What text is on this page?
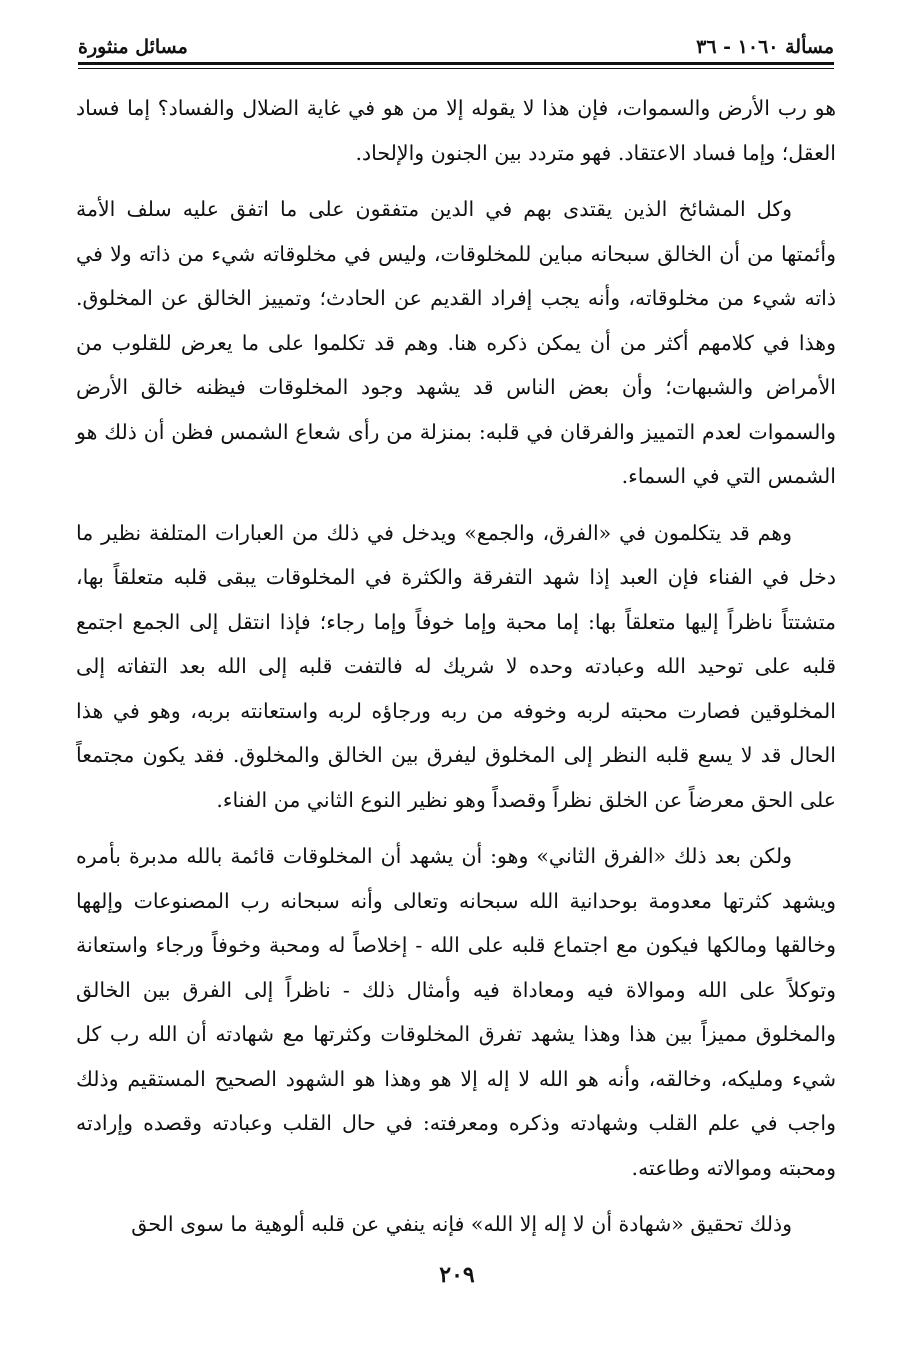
مسألة ١٠٦٠ - ٣٦
مسائل منثورة

هو رب الأرض والسموات، فإن هذا لا يقوله إلا من هو في غاية الضلال والفساد؟ إما فساد العقل؛ وإما فساد الاعتقاد. فهو متردد بين الجنون والإلحاد.

وكل المشائخ الذين يقتدى بهم في الدين متفقون على ما اتفق عليه سلف الأمة وأئمتها من أن الخالق سبحانه مباين للمخلوقات، وليس في مخلوقاته شيء من ذاته ولا في ذاته شيء من مخلوقاته، وأنه يجب إفراد القديم عن الحادث؛ وتمييز الخالق عن المخلوق. وهذا في كلامهم أكثر من أن يمكن ذكره هنا. وهم قد تكلموا على ما يعرض للقلوب من الأمراض والشبهات؛ وأن بعض الناس قد يشهد وجود المخلوقات فيظنه خالق الأرض والسموات لعدم التمييز والفرقان في قلبه: بمنزلة من رأى شعاع الشمس فظن أن ذلك هو الشمس التي في السماء.

وهم قد يتكلمون في «الفرق، والجمع» ويدخل في ذلك من العبارات المتلفة نظير ما دخل في الفناء فإن العبد إذا شهد التفرقة والكثرة في المخلوقات يبقى قلبه متعلقاً بها، متشتتاً ناظراً إليها متعلقاً بها: إما محبة وإما خوفاً وإما رجاء؛ فإذا انتقل إلى الجمع اجتمع قلبه على توحيد الله وعبادته وحده لا شريك له فالتفت قلبه إلى الله بعد التفاته إلى المخلوقين فصارت محبته لربه وخوفه من ربه ورجاؤه لربه واستعانته بربه، وهو في هذا الحال قد لا يسع قلبه النظر إلى المخلوق ليفرق بين الخالق والمخلوق. فقد يكون مجتمعاً على الحق معرضاً عن الخلق نظراً وقصداً وهو نظير النوع الثاني من الفناء.

ولكن بعد ذلك «الفرق الثاني» وهو: أن يشهد أن المخلوقات قائمة بالله مدبرة بأمره ويشهد كثرتها معدومة بوحدانية الله سبحانه وتعالى وأنه سبحانه رب المصنوعات وإلهها وخالقها ومالكها فيكون مع اجتماع قلبه على الله - إخلاصاً له ومحبة وخوفاً ورجاء واستعانة وتوكلاً على الله وموالاة فيه ومعاداة فيه وأمثال ذلك - ناظراً إلى الفرق بين الخالق والمخلوق مميزاً بين هذا وهذا يشهد تفرق المخلوقات وكثرتها مع شهادته أن الله رب كل شيء ومليكه، وخالقه، وأنه هو الله لا إله إلا هو وهذا هو الشهود الصحيح المستقيم وذلك واجب في علم القلب وشهادته وذكره ومعرفته: في حال القلب وعبادته وقصده وإرادته ومحبته وموالاته وطاعته.

وذلك تحقيق «شهادة أن لا إله إلا الله» فإنه ينفي عن قلبه ألوهية ما سوى الحق

٢٠٩
